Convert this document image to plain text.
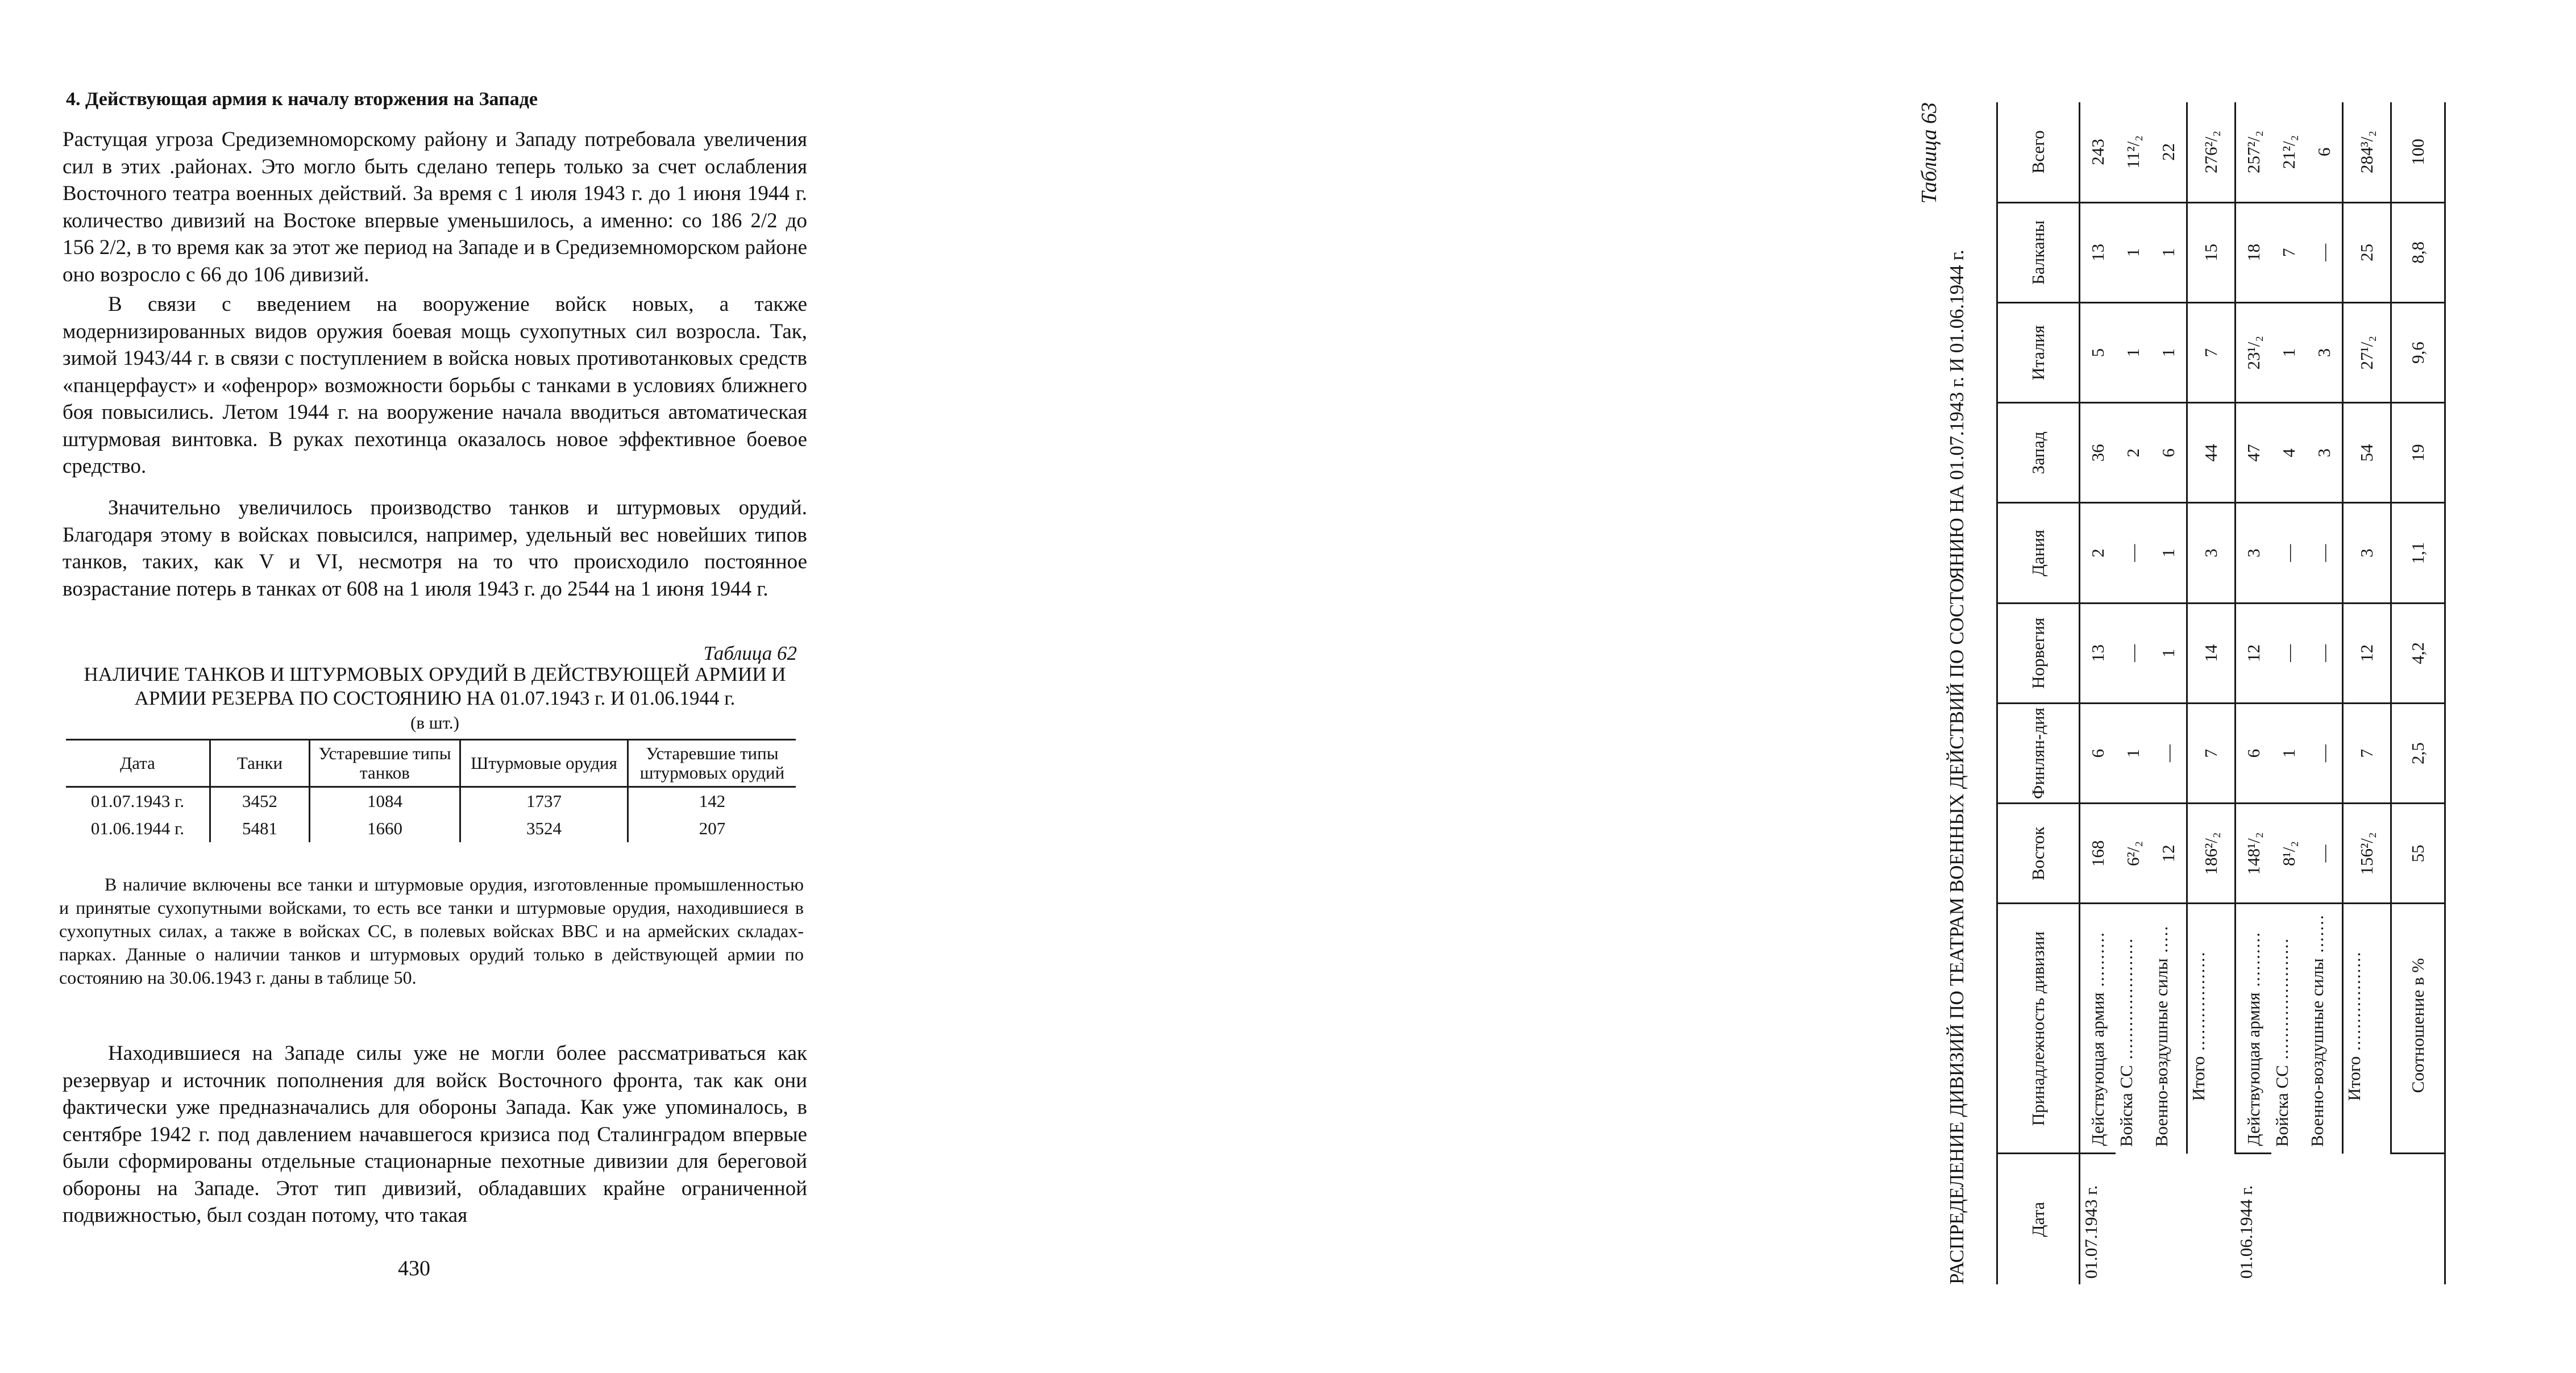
4. Действующая армия к началу вторжения на Западе

Растущая угроза Средиземноморскому району и Западу потребовала увеличения сил в этих .районах. Это могло быть сделано теперь только за счет ослабления Восточного театра военных действий. За время с 1 июля 1943 г. до 1 июня 1944 г. количество дивизий на Востоке впервые уменьшилось, а именно: со 186 2/2 до 156 2/2, в то время как за этот же период на Западе и в Средиземноморском районе оно возросло с 66 до 106 дивизий.

В связи с введением на вооружение войск новых, а также модернизированных видов оружия боевая мощь сухопутных сил возросла. Так, зимой 1943/44 г. в связи с поступлением в войска новых противотанковых средств «панцерфауст» и «офенрор» возможности борьбы с танками в условиях ближнего боя повысились. Летом 1944 г. на вооружение начала вводиться автоматическая штурмовая винтовка. В руках пехотинца оказалось новое эффективное боевое средство.

Значительно увеличилось производство танков и штурмовых орудий. Благодаря этому в войсках повысился, например, удельный вес новейших типов танков, таких, как V и VI, несмотря на то что происходило постоянное возрастание потерь в танках от 608 на 1 июля 1943 г. до 2544 на 1 июня 1944 г.

Таблица 62
НАЛИЧИЕ ТАНКОВ И ШТУРМОВЫХ ОРУДИЙ В ДЕЙСТВУЮЩЕЙ АРМИИ И АРМИИ РЕЗЕРВА ПО СОСТОЯНИЮ НА 01.07.1943 г. И 01.06.1944 г.
(в шт.)
Дата	Танки	Устаревшие типы танков	Штурмовые орудия	Устаревшие типы штурмовых орудий
01.07.1943 г.	3452	1084	1737	142
01.06.1944 г.	5481	1660	3524	207

В наличие включены все танки и штурмовые орудия, изготовленные промышленностью и принятые сухопутными войсками, то есть все танки и штурмовые орудия, находившиеся в сухопутных силах, а также в войсках СС, в полевых войсках ВВС и на армейских складах-парках. Данные о наличии танков и штурмовых орудий только в действующей армии по состоянию на 30.06.1943 г. даны в таблице 50.

Находившиеся на Западе силы уже не могли более рассматриваться как резервуар и источник пополнения для войск Восточного фронта, так как они фактически уже предназначались для обороны Запада. Как уже упоминалось, в сентябре 1942 г. под давлением начавшегося кризиса под Сталинградом впервые были сформированы отдельные стационарные пехотные дивизии для береговой обороны на Западе. Этот тип дивизий, обладавших крайне ограниченной подвижностью, был создан потому, что такая

430
Таблица 63
РАСПРЕДЕЛЕНИЕ ДИВИЗИЙ ПО ТЕАТРАМ ВОЕННЫХ ДЕЙСТВИЙ ПО СОСТОЯНИЮ НА 01.07.1943 г. И 01.06.1944 г.	Дата	Принадлежность дивизии	Восток	Финлян-дия	Норвегия	Дания	Запад	Италия	Балканы	Всего
01.07.1943 г.	Действующая армия ..........	168	6	13	2	36	5	13	243
	Войска СС ......................	6²/₂	1	—	—	2	1	1	11²/₂
	Военно-воздушные силы .....	12	—	1	1	6	1	1	22
	Итого ..................	186²/₂	7	14	3	44	7	15	276²/₂
01.06.1944 г.	Действующая армия ..........	148¹/₂	6	12	3	47	23¹/₂	18	257²/₂
	Войска СС ......................	8¹/₂	1	—	—	4	1	7	21²/₂
	Военно-воздушные силы .......	—	—	—	—	3	3	—	6
	Итого ..................	156²/₂	7	12	3	54	27¹/₂	25	284³/₂
	Соотношение в %	55	2,5	4,2	1,1	19	9,6	8,8	100
